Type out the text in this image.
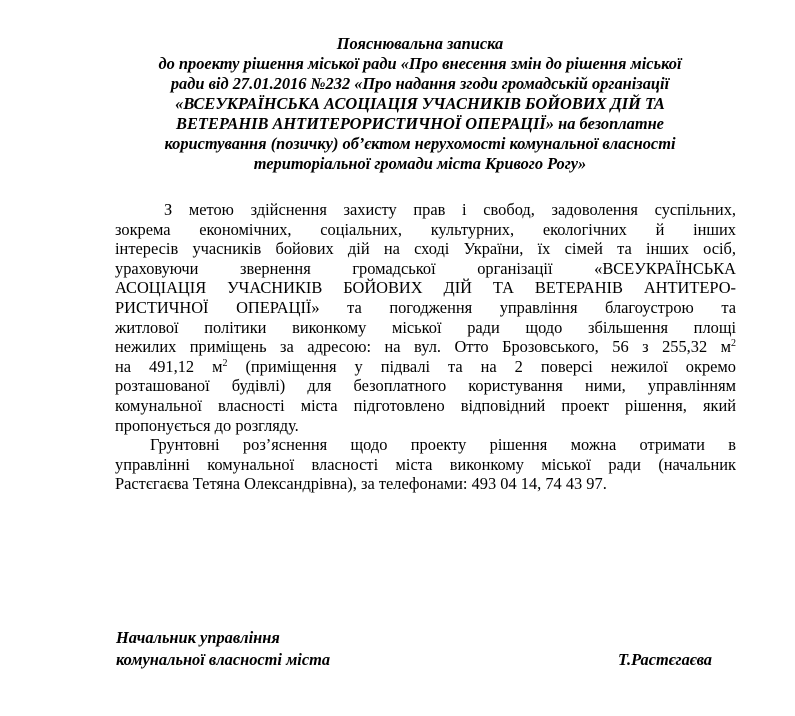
Пояснювальна записка
до проекту рішення міської ради «Про внесення змін до рішення міської
ради від 27.01.2016 №232 «Про надання згоди громадській організації
«ВСЕУКРАЇНСЬКА АСОЦІАЦІЯ УЧАСНИКІВ БОЙОВИХ ДІЙ ТА
ВЕТЕРАНІВ АНТИТЕРОРИСТИЧНОЇ ОПЕРАЦІЇ» на безоплатне
користування (позичку) об’єктом нерухомості комунальної власності
територіальної громади міста Кривого Рогу»
З метою здійснення захисту прав і свобод, задоволення суспільних,
зокрема економічних, соціальних, культурних, екологічних й інших
інтересів учасників бойових дій на сході України, їх сімей та інших осіб,
ураховуючи звернення громадської організації «ВСЕУКРАЇНСЬКА
АСОЦІАЦІЯ УЧАСНИКІВ БОЙОВИХ ДІЙ ТА ВЕТЕРАНІВ АНТИТЕРО-
РИСТИЧНОЇ ОПЕРАЦІЇ» та погодження управління благоустрою та
житлової політики виконкому міської ради щодо збільшення площі
нежилих приміщень за адресою: на вул. Отто Брозовського, 56 з 255,32 $м^2$
на 491,12 $м^2$ (приміщення у підвалі та на 2 поверсі нежилої окремо
розташованої будівлі) для безоплатного користування ними, управлінням
комунальної власності міста підготовлено відповідний проект рішення, який
пропонується до розгляду.
Грунтовні роз’яснення щодо проекту рішення можна отримати в
управлінні комунальної власності міста виконкому міської ради (начальник
Растєгаєва Тетяна Олександрівна), за телефонами: 493 04 14, 74 43 97.
Начальник управління
комунальної власності міста	Т.Растєгаєва
